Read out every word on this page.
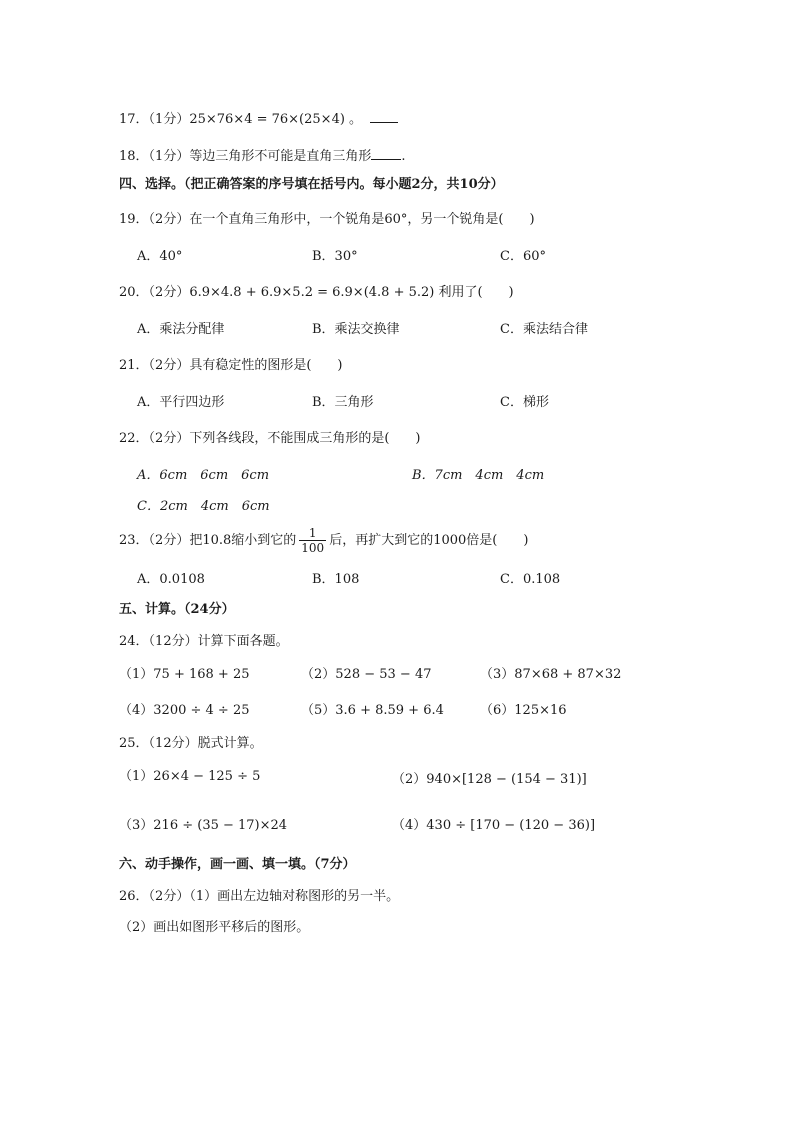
17．（1分）25×76×4 = 76×(25×4) 。
18．（1分）等边三角形不可能是直角三角形 .
四、选择。（把正确答案的序号填在括号内。每小题2分，共10分）
19．（2分）在一个直角三角形中，一个锐角是60°，另一个锐角是(　　)
A．40°	B．30°	C．60°
20．（2分）6.9×4.8 + 6.9×5.2 = 6.9×(4.8 + 5.2) 利用了(　　)
A．乘法分配律	B．乘法交换律	C．乘法结合律
21．（2分）具有稳定性的图形是(　　)
A．平行四边形	B．三角形	C．梯形
22．（2分）下列各线段，不能围成三角形的是(　　)
A．6cm　6cm　6cm	B．7cm　4cm　4cm
C．2cm　4cm　6cm
23．（2分）把10.8缩小到它的 $\frac{1}{100}$ 后，再扩大到它的1000倍是(　　)
A．0.0108	B．108	C．0.108
五、计算。（24分）
24．（12分）计算下面各题。
（1）75 + 168 + 25	（2）528 − 53 − 47	（3）87×68 + 87×32
（4）3200 ÷ 4 ÷ 25	（5）3.6 + 8.59 + 6.4	（6）125×16
25．（12分）脱式计算。
（1）26×4 − 125 ÷ 5	（2）940×[128 − (154 − 31)]
（3）216 ÷ (35 − 17)×24	（4）430 ÷ [170 − (120 − 36)]
六、动手操作，画一画、填一填。（7分）
26．（2分）（1）画出左边轴对称图形的另一半。
（2）画出如图形平移后的图形。
